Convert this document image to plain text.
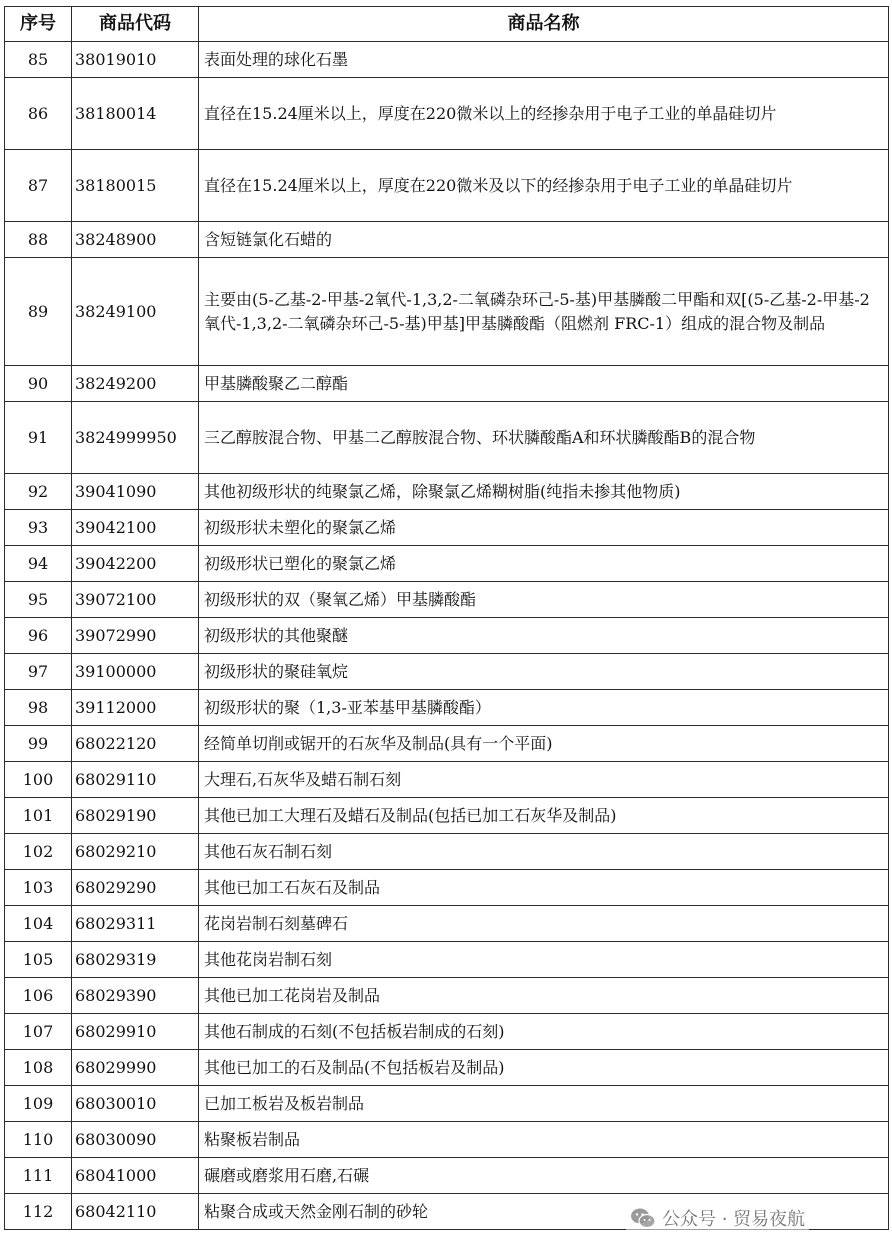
序号	商品代码	商品名称
85	38019010	表面处理的球化石墨
86	38180014	直径在15.24厘米以上，厚度在220微米以上的经掺杂用于电子工业的单晶硅切片
87	38180015	直径在15.24厘米以上，厚度在220微米及以下的经掺杂用于电子工业的单晶硅切片
88	38248900	含短链氯化石蜡的
89	38249100	主要由(5-乙基-2-甲基-2氧代-1,3,2-二氧磷杂环己-5-基)甲基膦酸二甲酯和双[(5-乙基-2-甲基-2氧代-1,3,2-二氧磷杂环己-5-基)甲基]甲基膦酸酯（阻燃剂 FRC-1）组成的混合物及制品
90	38249200	甲基膦酸聚乙二醇酯
91	3824999950	三乙醇胺混合物、甲基二乙醇胺混合物、环状膦酸酯A和环状膦酸酯B的混合物
92	39041090	其他初级形状的纯聚氯乙烯，除聚氯乙烯糊树脂(纯指未掺其他物质)
93	39042100	初级形状未塑化的聚氯乙烯
94	39042200	初级形状已塑化的聚氯乙烯
95	39072100	初级形状的双（聚氧乙烯）甲基膦酸酯
96	39072990	初级形状的其他聚醚
97	39100000	初级形状的聚硅氧烷
98	39112000	初级形状的聚（1,3-亚苯基甲基膦酸酯）
99	68022120	经简单切削或锯开的石灰华及制品(具有一个平面)
100	68029110	大理石,石灰华及蜡石制石刻
101	68029190	其他已加工大理石及蜡石及制品(包括已加工石灰华及制品)
102	68029210	其他石灰石制石刻
103	68029290	其他已加工石灰石及制品
104	68029311	花岗岩制石刻墓碑石
105	68029319	其他花岗岩制石刻
106	68029390	其他已加工花岗岩及制品
107	68029910	其他石制成的石刻(不包括板岩制成的石刻)
108	68029990	其他已加工的石及制品(不包括板岩及制品)
109	68030010	已加工板岩及板岩制品
110	68030090	粘聚板岩制品
111	68041000	碾磨或磨浆用石磨,石碾
112	68042110	粘聚合成或天然金刚石制的砂轮	公众号 · 贸易夜航
